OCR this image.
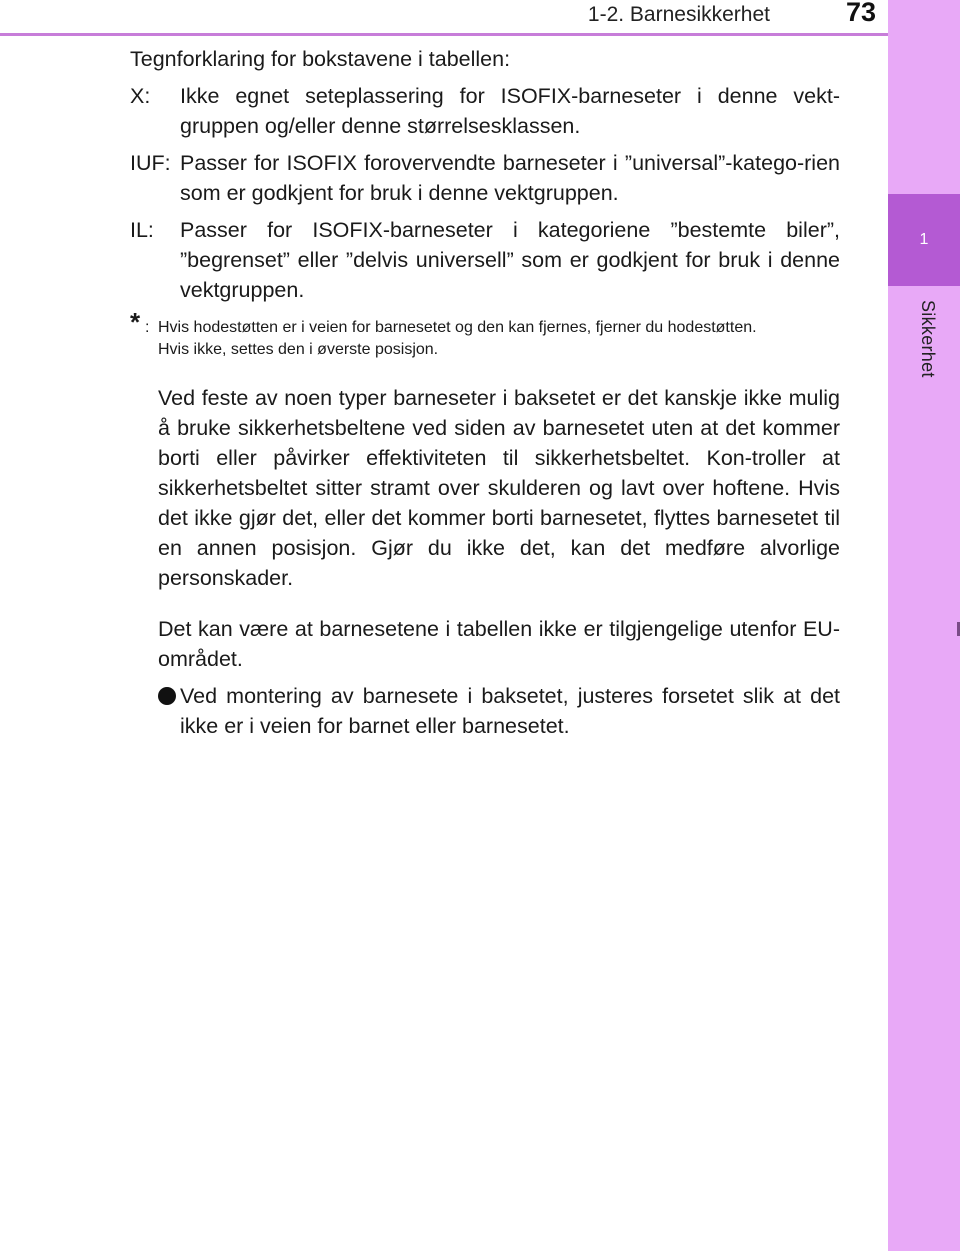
1-2. Barnesikkerhet	73
1
Sikkerhet

Tegnforklaring for bokstavene i tabellen:

X: Ikke egnet seteplassering for ISOFIX-barneseter i denne vekt-gruppen og/eller denne størrelsesklassen.
IUF: Passer for ISOFIX forovervendte barneseter i ”universal”-katego-rien som er godkjent for bruk i denne vektgruppen.
IL: Passer for ISOFIX-barneseter i kategoriene ”bestemte biler”, ”begrenset” eller ”delvis universell” som er godkjent for bruk i denne vektgruppen.
* : Hvis hodestøtten er i veien for barnesetet og den kan fjernes, fjerner du hodestøtten.
Hvis ikke, settes den i øverste posisjon.

Ved feste av noen typer barneseter i baksetet er det kanskje ikke mulig å bruke sikkerhetsbeltene ved siden av barnesetet uten at det kommer borti eller påvirker effektiviteten til sikkerhetsbeltet. Kon-troller at sikkerhetsbeltet sitter stramt over skulderen og lavt over hoftene. Hvis det ikke gjør det, eller det kommer borti barnesetet, flyttes barnesetet til en annen posisjon. Gjør du ikke det, kan det medføre alvorlige personskader.

Det kan være at barnesetene i tabellen ikke er tilgjengelige utenfor EU-området.

Ved montering av barnesete i baksetet, justeres forsetet slik at det ikke er i veien for barnet eller barnesetet.
